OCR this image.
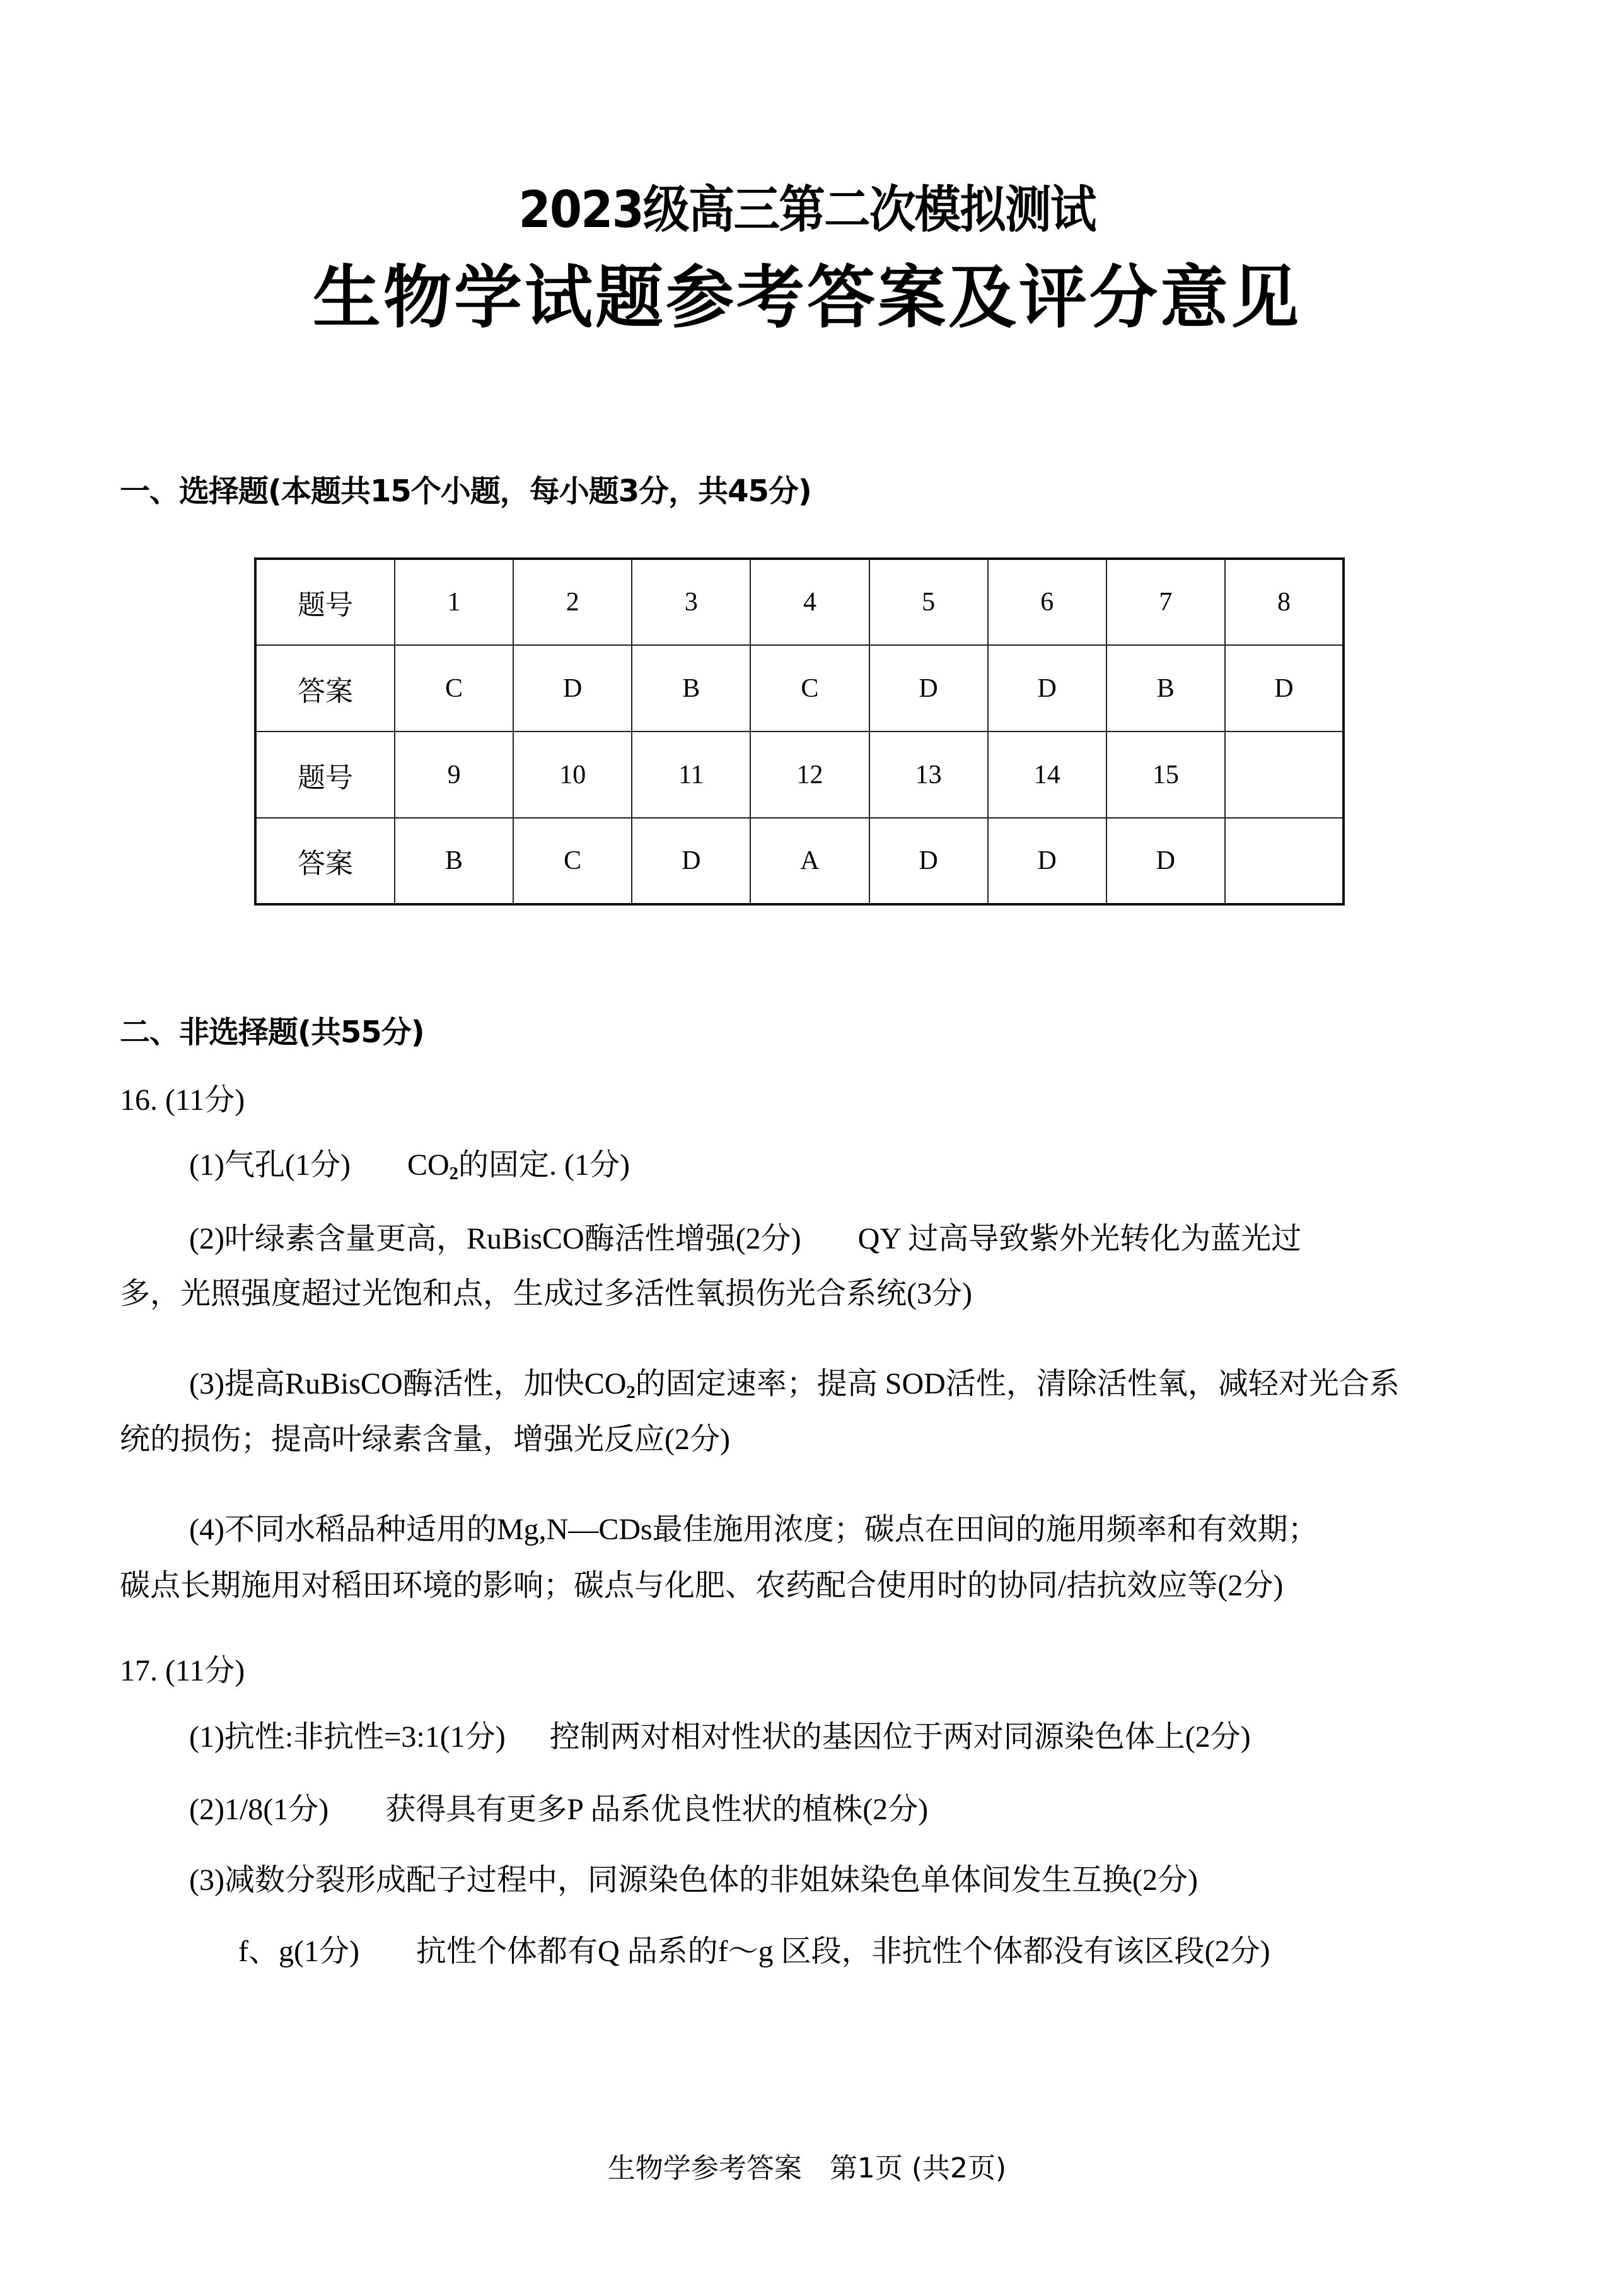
2023级高三第二次模拟测试
生物学试题参考答案及评分意见
一、选择题(本题共15个小题，每小题3分，共45分)
题号	1	2	3	4	5	6	7	8
答案	C	D	B	C	D	D	B	D
题号	9	10	11	12	13	14	15	
答案	B	C	D	A	D	D	D	
二、非选择题(共55分)
16. (11分)
(1)气孔(1分) $CO_2$的固定. (1分)
(2)叶绿素含量更高，RuBisCO酶活性增强(2分) QY 过高导致紫外光转化为蓝光过
多，光照强度超过光饱和点，生成过多活性氧损伤光合系统(3分)
(3)提高RuBisCO酶活性，加快$CO_2$的固定速率；提高 SOD活性，清除活性氧，减轻对光合系
统的损伤；提高叶绿素含量，增强光反应(2分)
(4)不同水稻品种适用的Mg,N—CDs最佳施用浓度；碳点在田间的施用频率和有效期；
碳点长期施用对稻田环境的影响；碳点与化肥、农药配合使用时的协同/拮抗效应等(2分)
17. (11分)
(1)抗性:非抗性=3:1(1分) 控制两对相对性状的基因位于两对同源染色体上(2分)
(2)1/8(1分) 获得具有更多P 品系优良性状的植株(2分)
(3)减数分裂形成配子过程中，同源染色体的非姐妹染色单体间发生互换(2分)
f、g(1分) 抗性个体都有Q 品系的f～g 区段，非抗性个体都没有该区段(2分)
生物学参考答案　第1页 (共2页)
